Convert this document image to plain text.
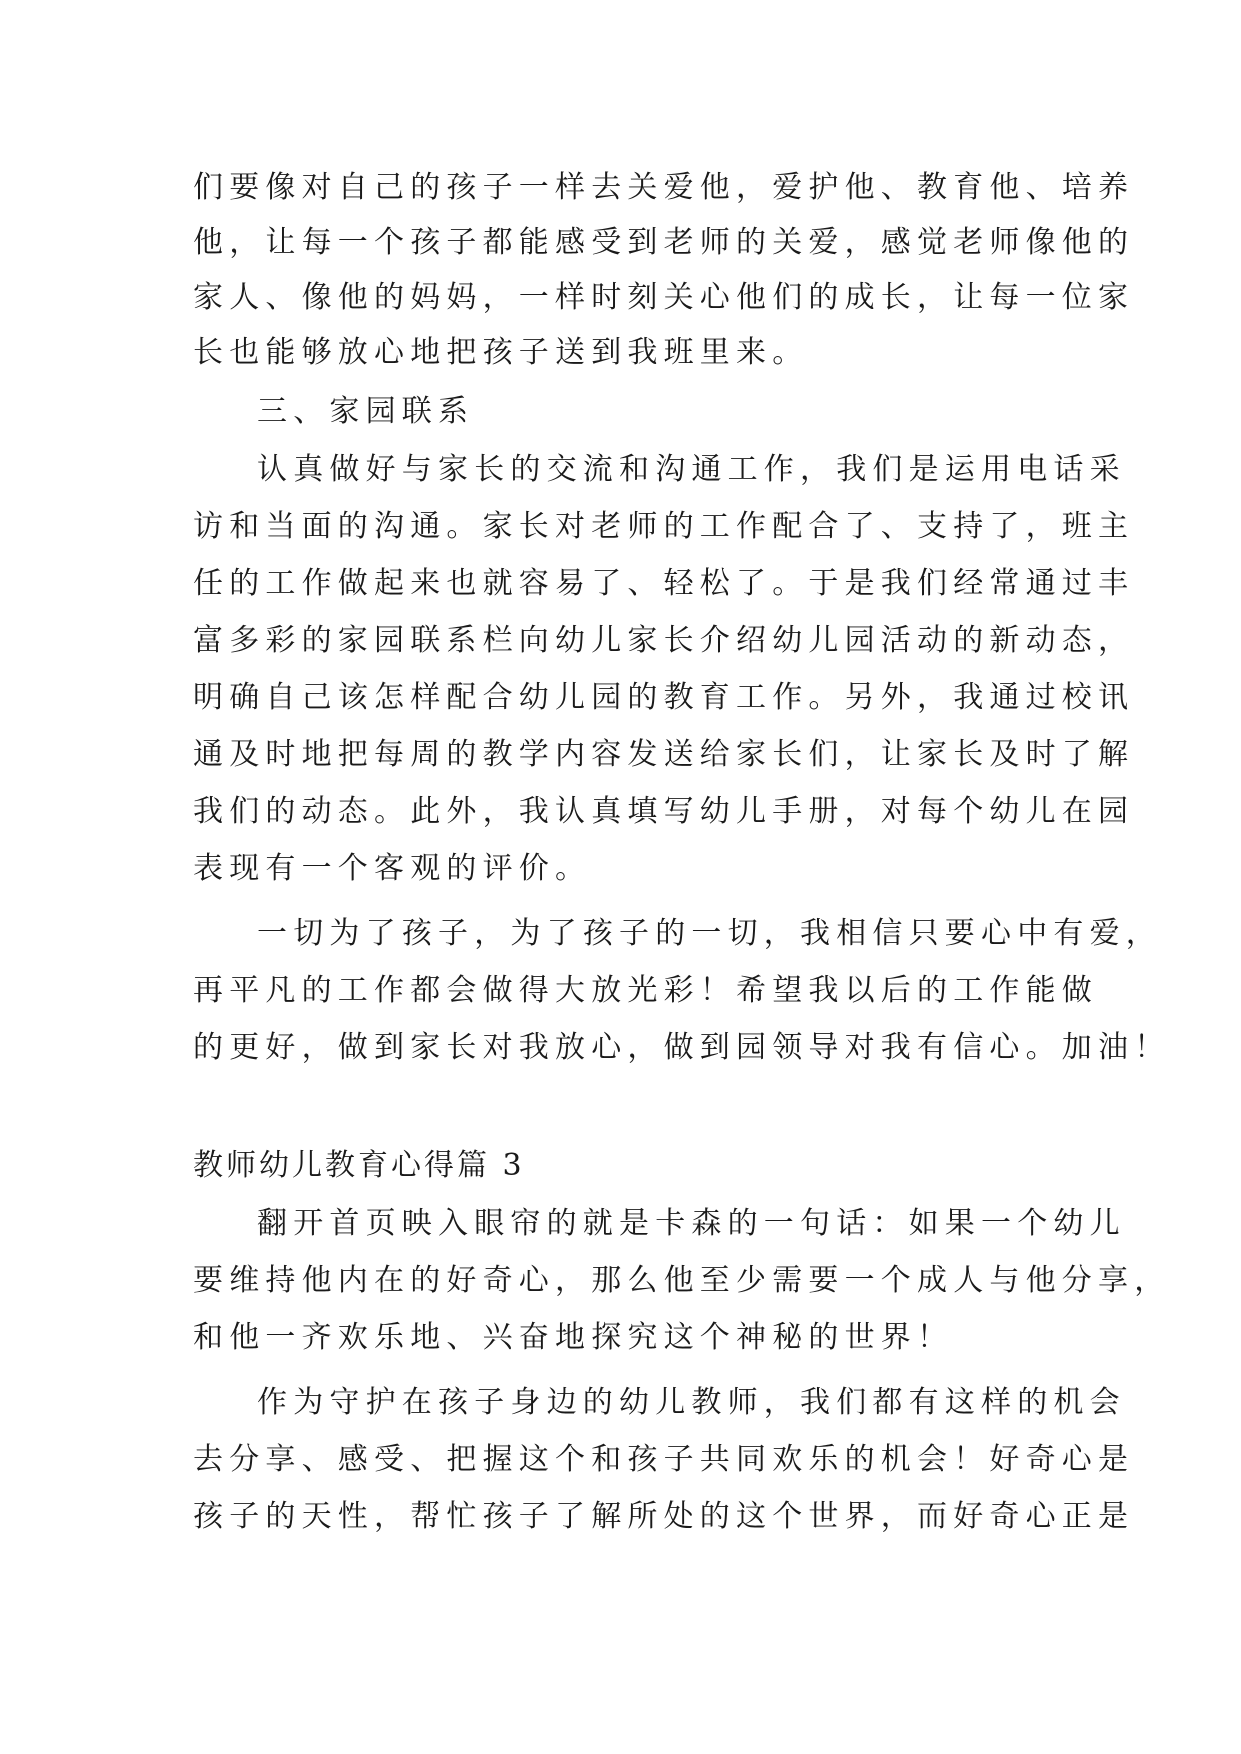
们要像对自己的孩子一样去关爱他，爱护他、教育他、培养
他，让每一个孩子都能感受到老师的关爱，感觉老师像他的
家人、像他的妈妈，一样时刻关心他们的成长，让每一位家
长也能够放心地把孩子送到我班里来。
三、家园联系
认真做好与家长的交流和沟通工作，我们是运用电话采
访和当面的沟通。家长对老师的工作配合了、支持了，班主
任的工作做起来也就容易了、轻松了。于是我们经常通过丰
富多彩的家园联系栏向幼儿家长介绍幼儿园活动的新动态，
明确自己该怎样配合幼儿园的教育工作。另外，我通过校讯
通及时地把每周的教学内容发送给家长们，让家长及时了解
我们的动态。此外，我认真填写幼儿手册，对每个幼儿在园
表现有一个客观的评价。
一切为了孩子，为了孩子的一切，我相信只要心中有爱，
再平凡的工作都会做得大放光彩！希望我以后的工作能做
的更好，做到家长对我放心，做到园领导对我有信心。加油！
教师幼儿教育心得篇 3
翻开首页映入眼帘的就是卡森的一句话：如果一个幼儿
要维持他内在的好奇心，那么他至少需要一个成人与他分享，
和他一齐欢乐地、兴奋地探究这个神秘的世界！
作为守护在孩子身边的幼儿教师，我们都有这样的机会
去分享、感受、把握这个和孩子共同欢乐的机会！好奇心是
孩子的天性，帮忙孩子了解所处的这个世界，而好奇心正是
